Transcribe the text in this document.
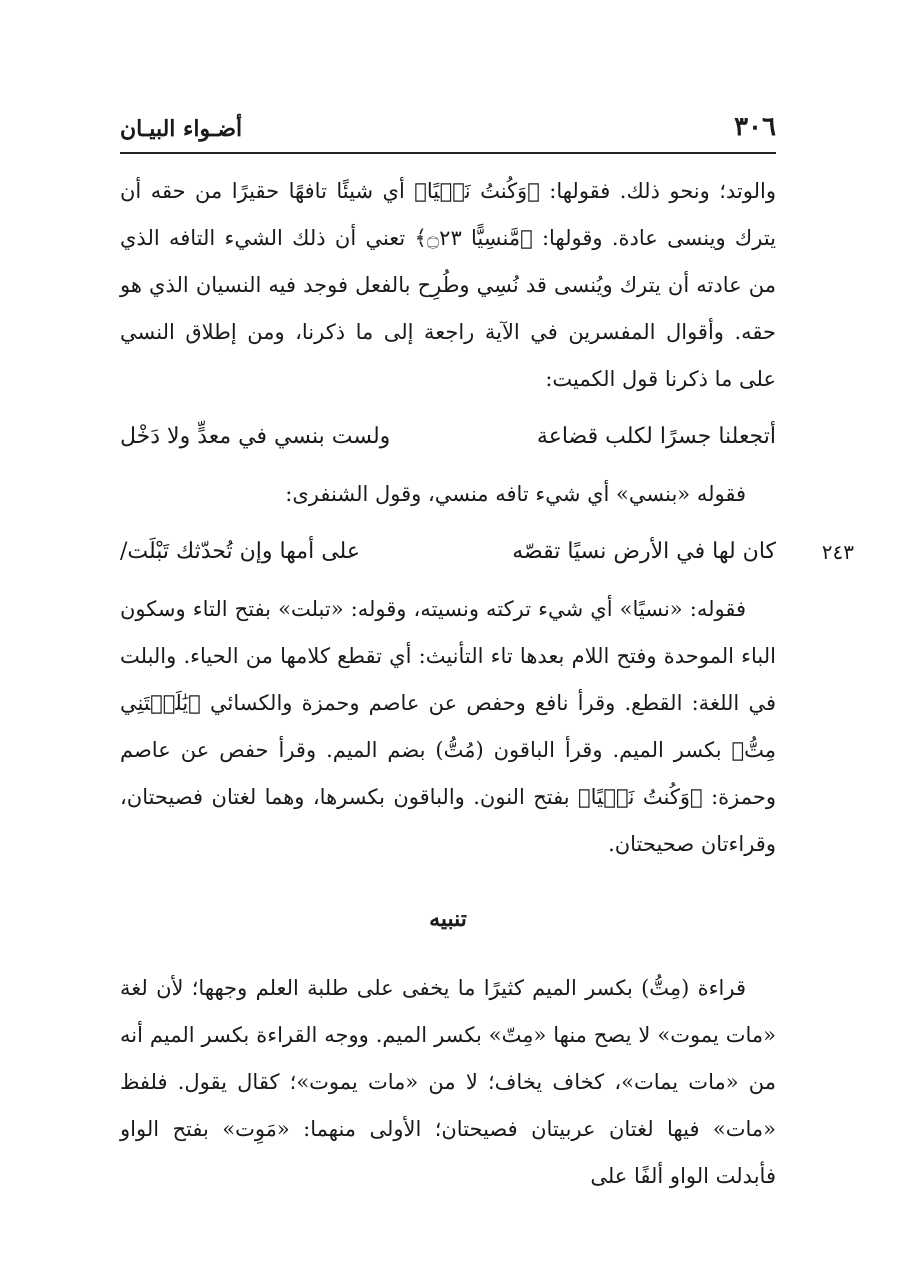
٣٠٦
أضـواء البيـان

والوتد؛ ونحو ذلك. فقولها: ﴿وَكُنتُ نَسۡيًا﴾ أي شيئًا تافهًا حقيرًا من حقه أن يترك وينسى عادة. وقولها: ﴿مَّنسِيًّا ۝٢٣﴾ تعني أن ذلك الشيء التافه الذي من عادته أن يترك ويُنسى قد نُسِي وطُرِح بالفعل فوجد فيه النسيان الذي هو حقه. وأقوال المفسرين في الآية راجعة إلى ما ذكرنا، ومن إطلاق النسي على ما ذكرنا قول الكميت:

أتجعلنا جسرًا لكلب قضاعة
ولست بنسي في معدٍّ ولا دَخْل

فقوله «بنسي» أي شيء تافه منسي، وقول الشنفرى:

٢٤٣
كان لها في الأرض نسيًا تقصّه
على أمها وإن تُحدّثك تَبْلَت/

فقوله: «نسيًا» أي شيء تركته ونسيته، وقوله: «تبلت» بفتح التاء وسكون الباء الموحدة وفتح اللام بعدها تاء التأنيث: أي تقطع كلامها من الحياء. والبلت في اللغة: القطع. وقرأ نافع وحفص عن عاصم وحمزة والكسائي ﴿يَٰلَيۡتَنِي مِتُّ﴾ بكسر الميم. وقرأ الباقون (مُتُّ) بضم الميم. وقرأ حفص عن عاصم وحمزة: ﴿وَكُنتُ نَسۡيًا﴾ بفتح النون. والباقون بكسرها، وهما لغتان فصيحتان، وقراءتان صحيحتان.

تنبيه

قراءة (مِتُّ) بكسر الميم كثيرًا ما يخفى على طلبة العلم وجهها؛ لأن لغة «مات يموت» لا يصح منها «مِتّ» بكسر الميم. ووجه القراءة بكسر الميم أنه من «مات يمات»، كخاف يخاف؛ لا من «مات يموت»؛ كقال يقول. فلفظ «مات» فيها لغتان عربيتان فصيحتان؛ الأولى منهما: «مَوِت» بفتح الواو فأبدلت الواو ألفًا على
